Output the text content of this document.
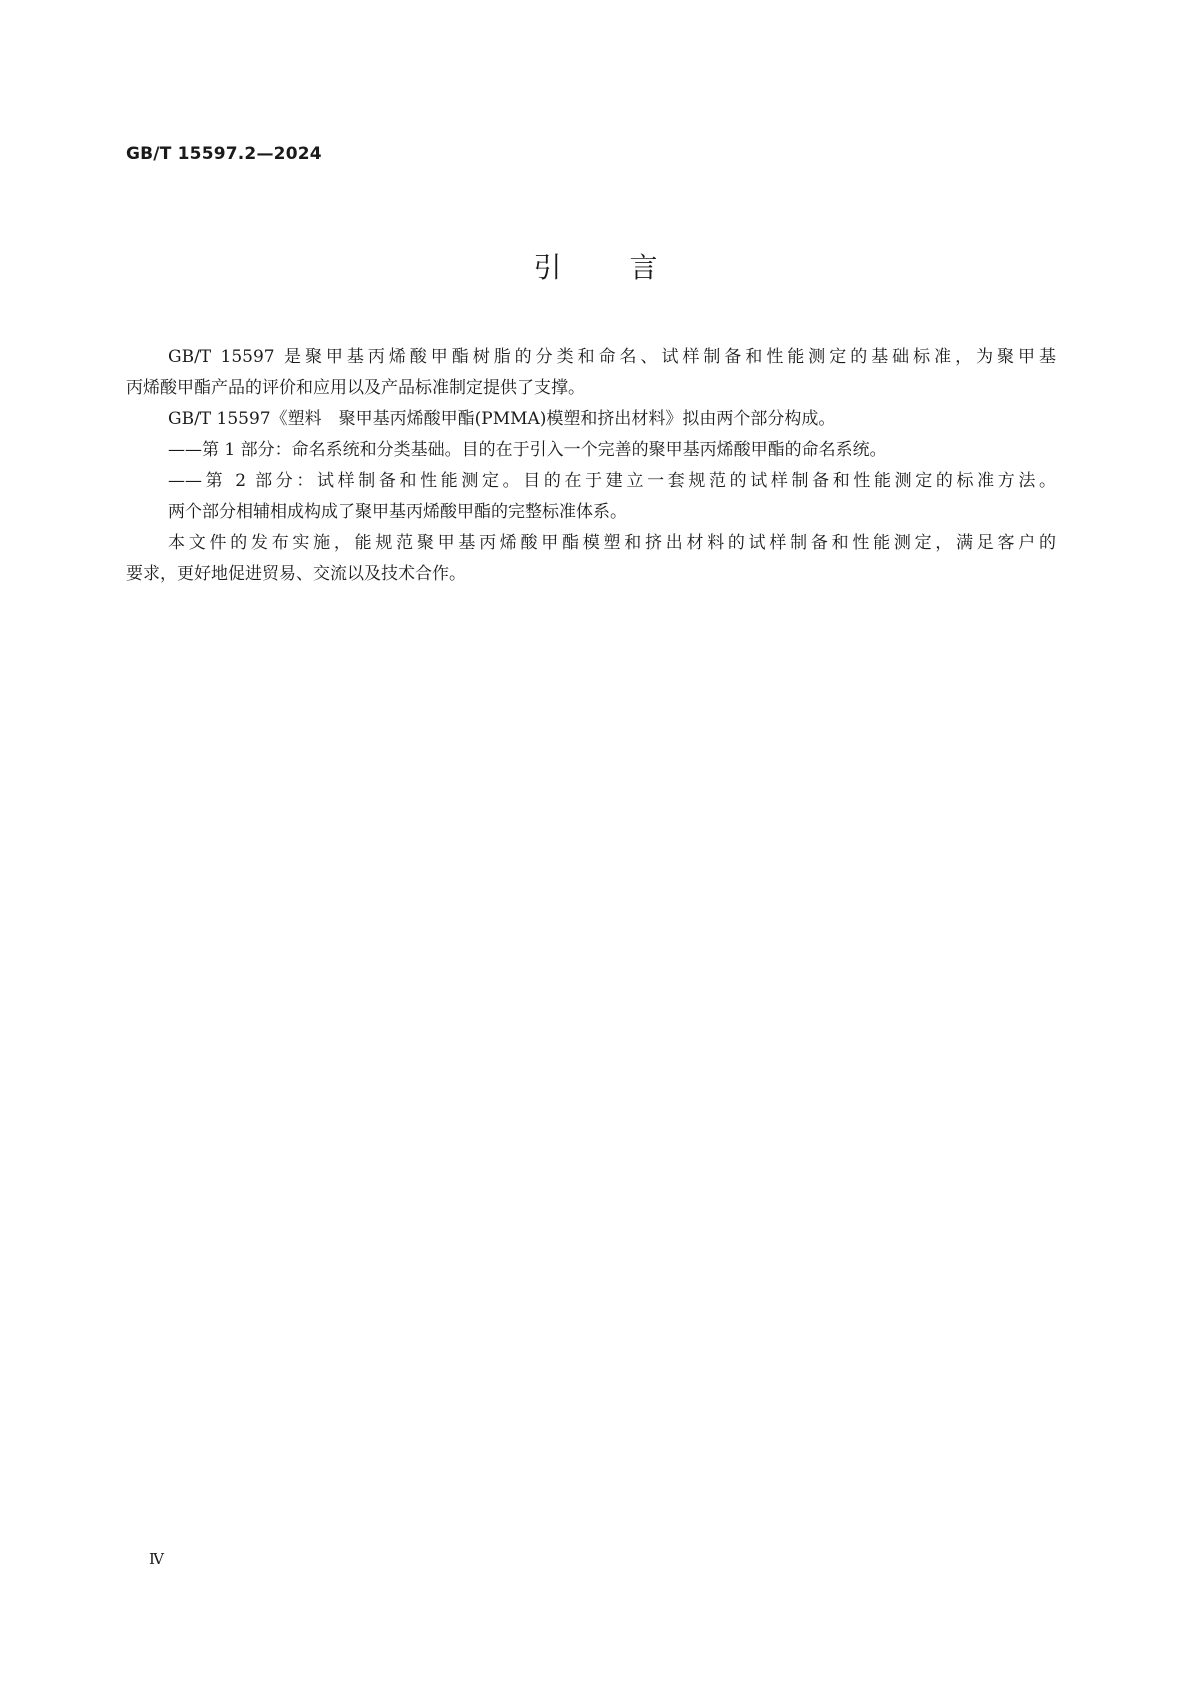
GB/T 15597.2—2024
引言

GB/T 15597 是聚甲基丙烯酸甲酯树脂的分类和命名、试样制备和性能测定的基础标准，为聚甲基

丙烯酸甲酯产品的评价和应用以及产品标准制定提供了支撑。

GB/T 15597《塑料　聚甲基丙烯酸甲酯(PMMA)模塑和挤出材料》拟由两个部分构成。

——第 1 部分：命名系统和分类基础。目的在于引入一个完善的聚甲基丙烯酸甲酯的命名系统。

——第 2 部分：试样制备和性能测定。目的在于建立一套规范的试样制备和性能测定的标准方法。

两个部分相辅相成构成了聚甲基丙烯酸甲酯的完整标准体系。

本文件的发布实施，能规范聚甲基丙烯酸甲酯模塑和挤出材料的试样制备和性能测定，满足客户的

要求，更好地促进贸易、交流以及技术合作。

Ⅳ
